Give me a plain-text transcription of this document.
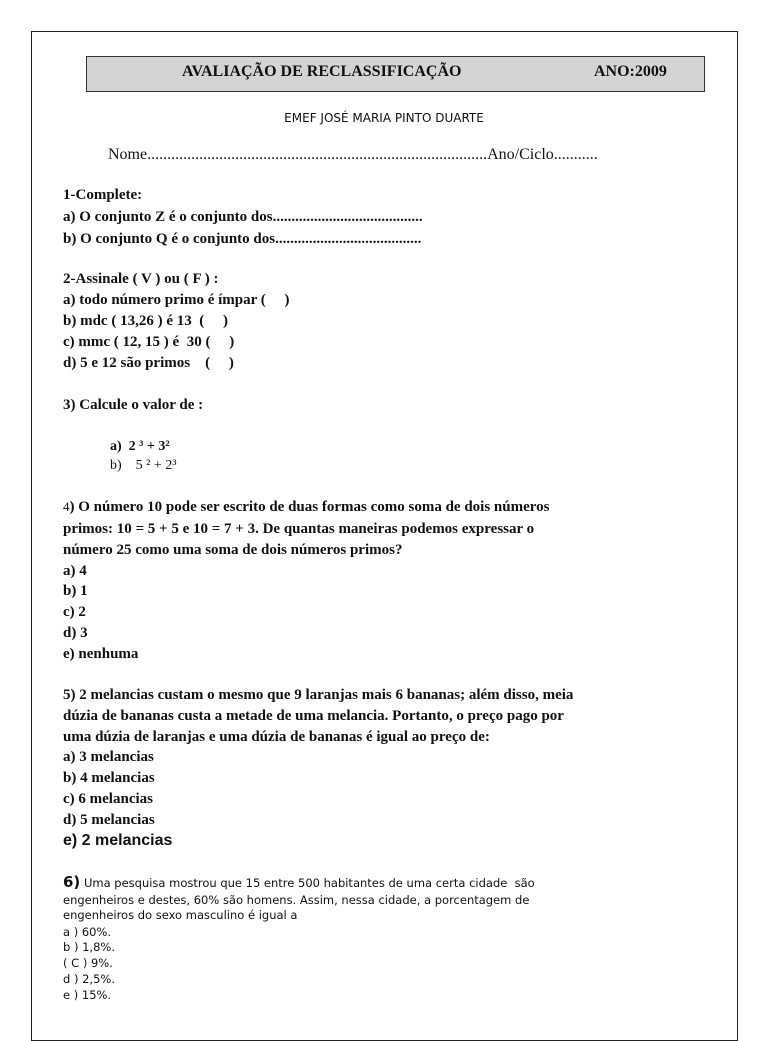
AVALIAÇÃO DE RECLASSIFICAÇÃO	ANO:2009
EMEF JOSÉ MARIA PINTO DUARTE
Nome.....................................................................................Ano/Ciclo...........
1-Complete:
a) O conjunto Z é o conjunto dos........................................
b) O conjunto Q é o conjunto dos.......................................
2-Assinale ( V ) ou ( F ) :
a) todo número primo é ímpar (     )
b) mdc ( 13,26 ) é 13  (     )
c) mmc ( 12, 15 ) é  30 (     )
d) 5 e 12 são primos    (     )
3) Calcule o valor de :
a)  2 ³ + 3²
b)    5 ² + 2³
4) O número 10 pode ser escrito de duas formas como soma de dois números
primos: 10 = 5 + 5 e 10 = 7 + 3. De quantas maneiras podemos expressar o
número 25 como uma soma de dois números primos?
a) 4
b) 1
c) 2
d) 3
e) nenhuma
5) 2 melancias custam o mesmo que 9 laranjas mais 6 bananas; além disso, meia
dúzia de bananas custa a metade de uma melancia. Portanto, o preço pago por
uma dúzia de laranjas e uma dúzia de bananas é igual ao preço de:
a) 3 melancias
b) 4 melancias
c) 6 melancias
d) 5 melancias
e) 2 melancias
6) Uma pesquisa mostrou que 15 entre 500 habitantes de uma certa cidade  são
engenheiros e destes, 60% são homens. Assim, nessa cidade, a porcentagem de
engenheiros do sexo masculino é igual a
a ) 60%.
b ) 1,8%.
( C ) 9%.
d ) 2,5%.
e ) 15%.
